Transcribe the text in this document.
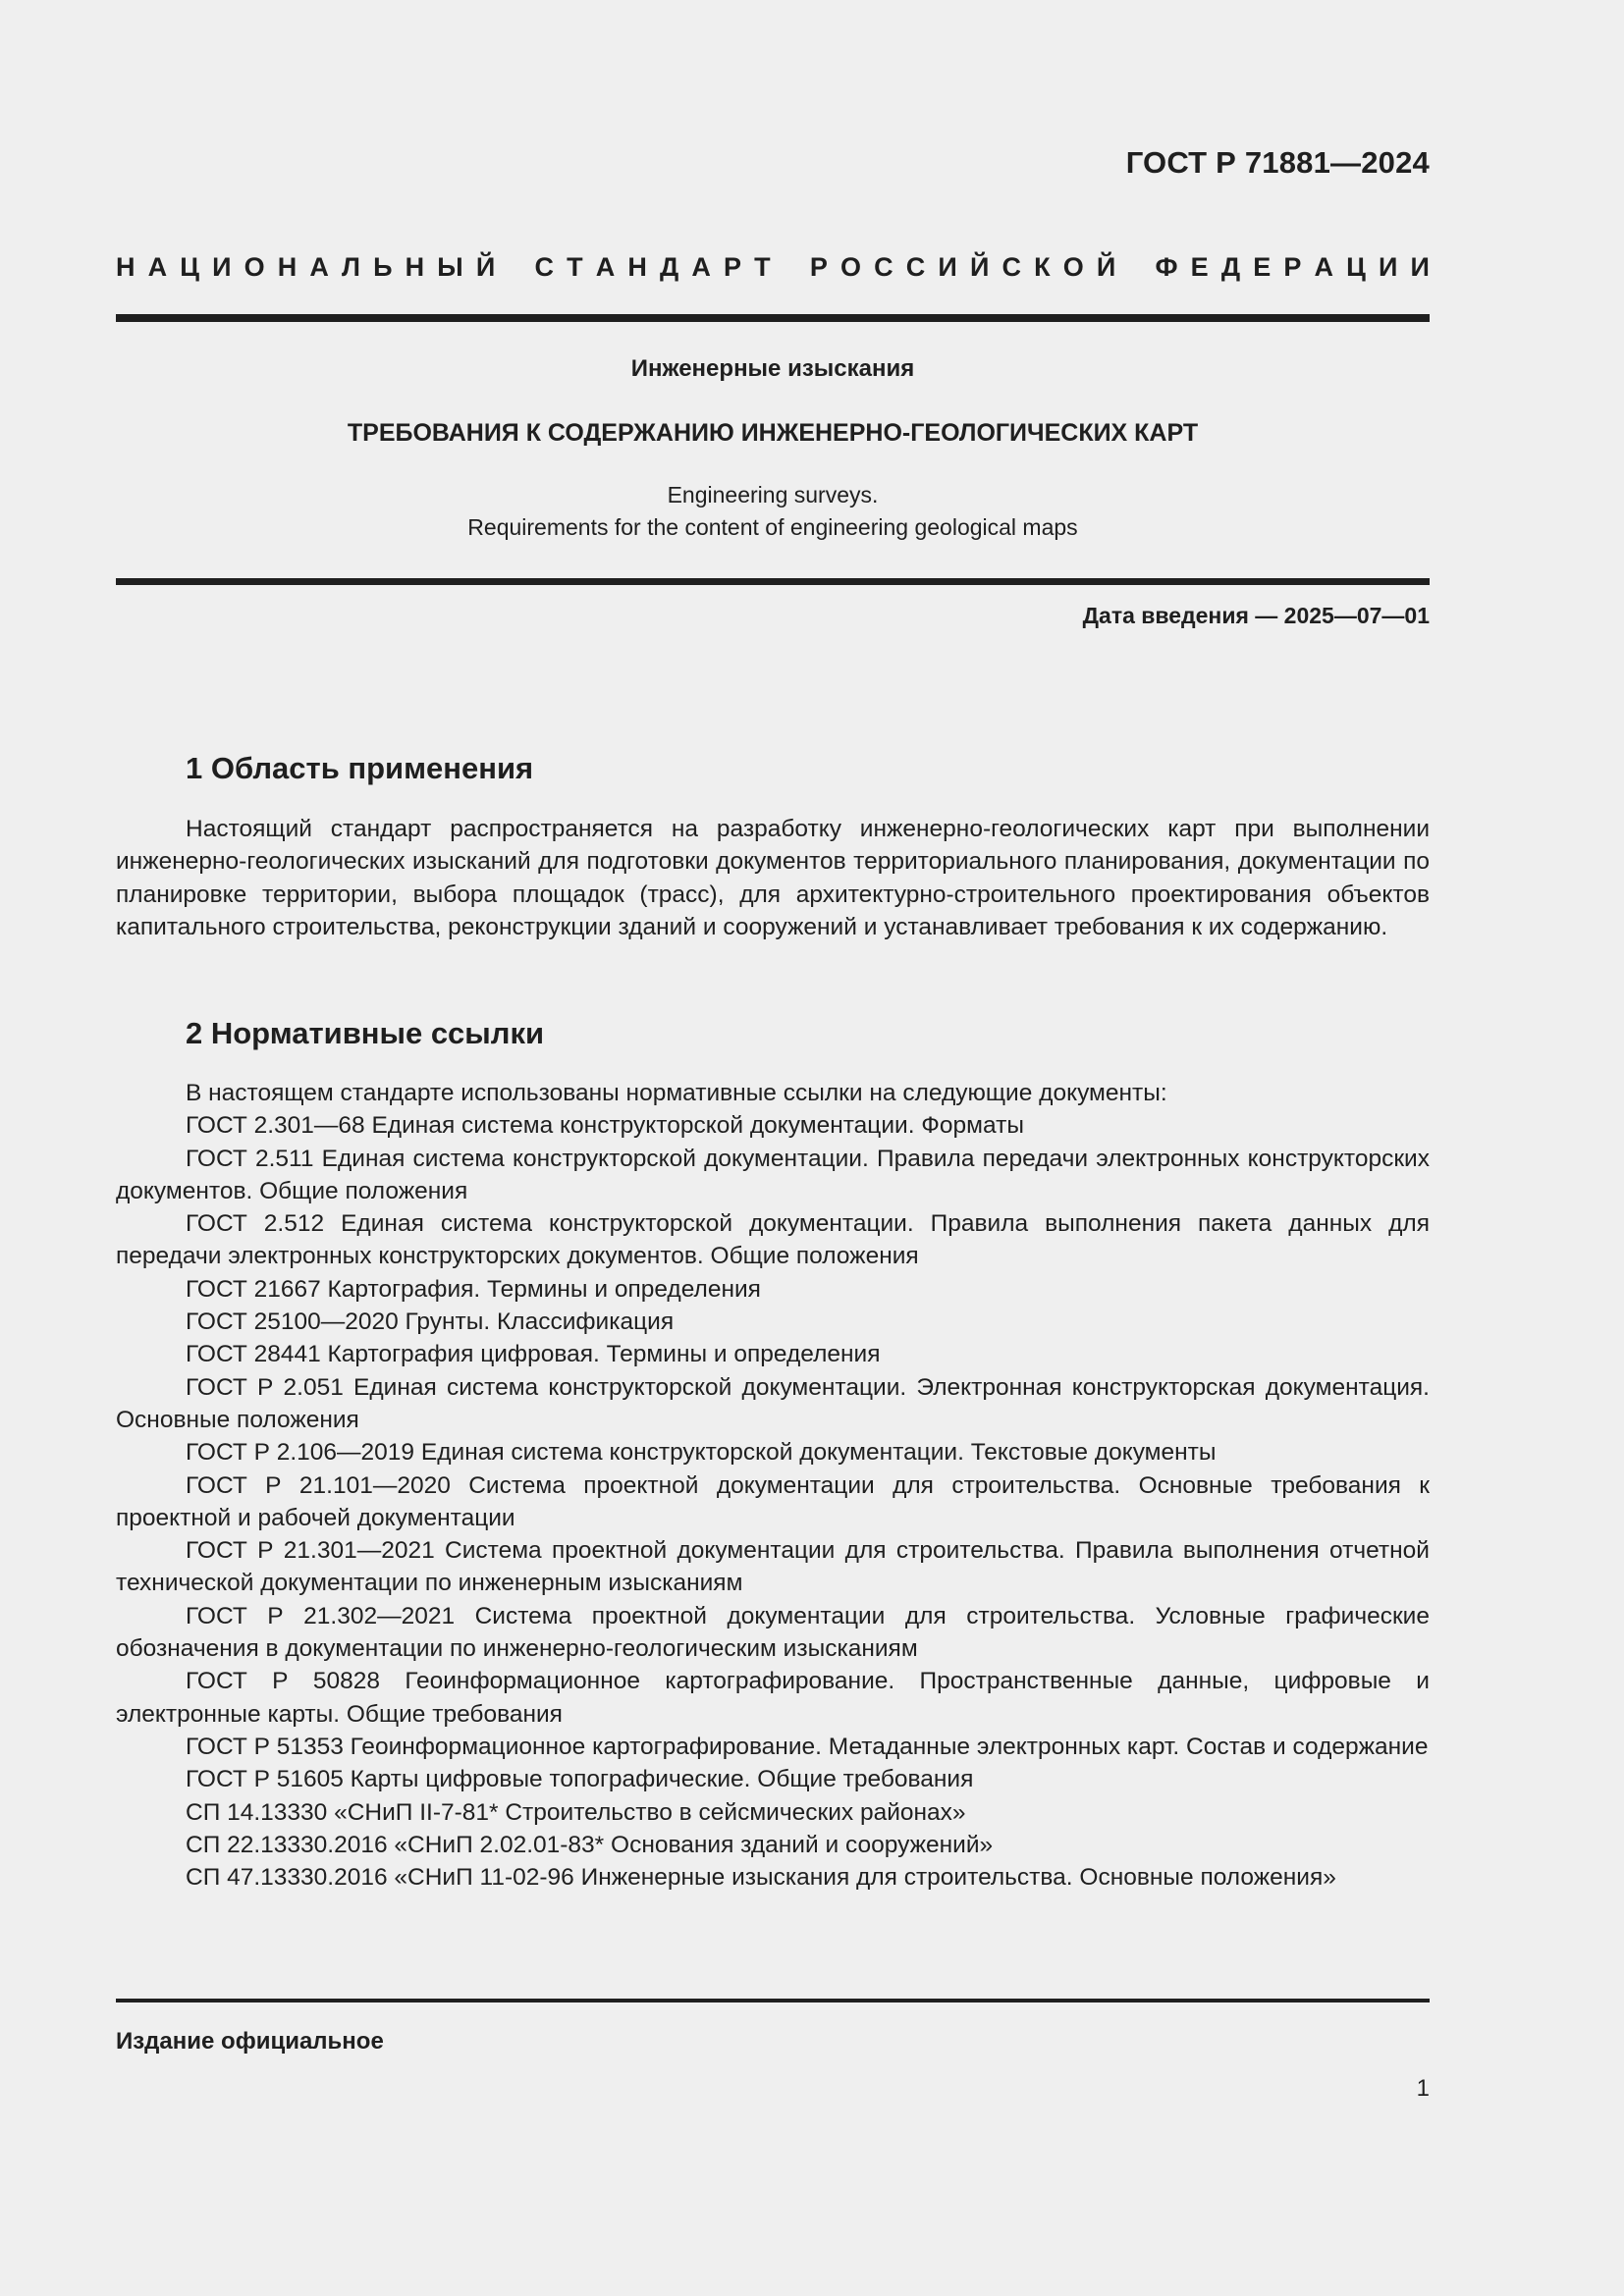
ГОСТ Р 71881—2024
Н А Ц И О Н А Л Ь Н Ы Й
С Т А Н Д А Р Т
Р О С С И Й С К О Й
Ф Е Д Е Р А Ц И И
Инженерные изыскания
ТРЕБОВАНИЯ К СОДЕРЖАНИЮ ИНЖЕНЕРНО-ГЕОЛОГИЧЕСКИХ КАРТ
Engineering surveys.
Requirements for the content of engineering geological maps
Дата введения — 2025—07—01
1 Область применения

Настоящий стандарт распространяется на разработку инженерно-геологических карт при выполнении инженерно-геологических изысканий для подготовки документов территориального планирования, документации по планировке территории, выбора площадок (трасс), для архитектурно-строительного проектирования объектов капитального строительства, реконструкции зданий и сооружений и устанавливает требования к их содержанию.

2 Нормативные ссылки

В настоящем стандарте использованы нормативные ссылки на следующие документы:

ГОСТ 2.301—68 Единая система конструкторской документации. Форматы

ГОСТ 2.511 Единая система конструкторской документации. Правила передачи электронных конструкторских документов. Общие положения

ГОСТ 2.512 Единая система конструкторской документации. Правила выполнения пакета данных для передачи электронных конструкторских документов. Общие положения

ГОСТ 21667 Картография. Термины и определения

ГОСТ 25100—2020 Грунты. Классификация

ГОСТ 28441 Картография цифровая. Термины и определения

ГОСТ Р 2.051 Единая система конструкторской документации. Электронная конструкторская документация. Основные положения

ГОСТ Р 2.106—2019 Единая система конструкторской документации. Текстовые документы

ГОСТ Р 21.101—2020 Система проектной документации для строительства. Основные требования к проектной и рабочей документации

ГОСТ Р 21.301—2021 Система проектной документации для строительства. Правила выполнения отчетной технической документации по инженерным изысканиям

ГОСТ Р 21.302—2021 Система проектной документации для строительства. Условные графические обозначения в документации по инженерно-геологическим изысканиям

ГОСТ Р 50828 Геоинформационное картографирование. Пространственные данные, цифровые и электронные карты. Общие требования

ГОСТ Р 51353 Геоинформационное картографирование. Метаданные электронных карт. Состав и содержание

ГОСТ Р 51605 Карты цифровые топографические. Общие требования

СП 14.13330 «СНиП II-7-81* Строительство в сейсмических районах»

СП 22.13330.2016 «СНиП 2.02.01-83* Основания зданий и сооружений»

СП 47.13330.2016 «СНиП 11-02-96 Инженерные изыскания для строительства. Основные положения»

Издание официальное
1
